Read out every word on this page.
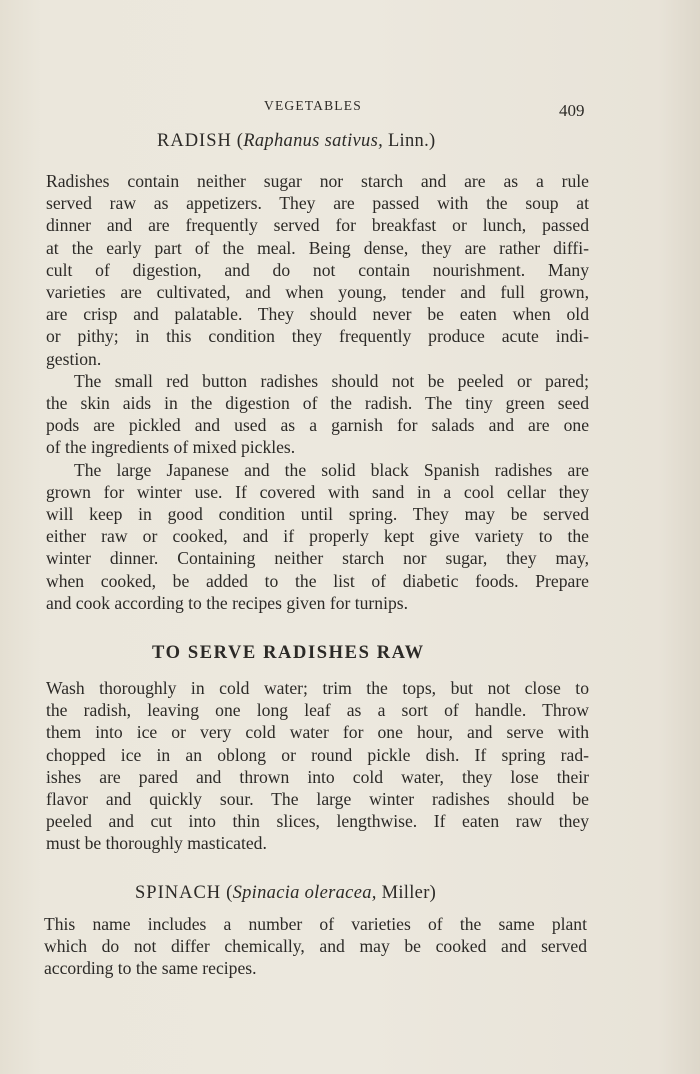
VEGETABLES	409
RADISH (Raphanus sativus, Linn.)
Radishes contain neither sugar nor starch and are as a rule
served raw as appetizers. They are passed with the soup at
dinner and are frequently served for breakfast or lunch, passed
at the early part of the meal. Being dense, they are rather diffi-
cult of digestion, and do not contain nourishment. Many
varieties are cultivated, and when young, tender and full grown,
are crisp and palatable. They should never be eaten when old
or pithy; in this condition they frequently produce acute indi-
gestion.
The small red button radishes should not be peeled or pared;
the skin aids in the digestion of the radish. The tiny green seed
pods are pickled and used as a garnish for salads and are one
of the ingredients of mixed pickles.
The large Japanese and the solid black Spanish radishes are
grown for winter use. If covered with sand in a cool cellar they
will keep in good condition until spring. They may be served
either raw or cooked, and if properly kept give variety to the
winter dinner. Containing neither starch nor sugar, they may,
when cooked, be added to the list of diabetic foods. Prepare
and cook according to the recipes given for turnips.
TO SERVE RADISHES RAW
Wash thoroughly in cold water; trim the tops, but not close to
the radish, leaving one long leaf as a sort of handle. Throw
them into ice or very cold water for one hour, and serve with
chopped ice in an oblong or round pickle dish. If spring rad-
ishes are pared and thrown into cold water, they lose their
flavor and quickly sour. The large winter radishes should be
peeled and cut into thin slices, lengthwise. If eaten raw they
must be thoroughly masticated.
SPINACH (Spinacia oleracea, Miller)
This name includes a number of varieties of the same plant
which do not differ chemically, and may be cooked and served
according to the same recipes.
